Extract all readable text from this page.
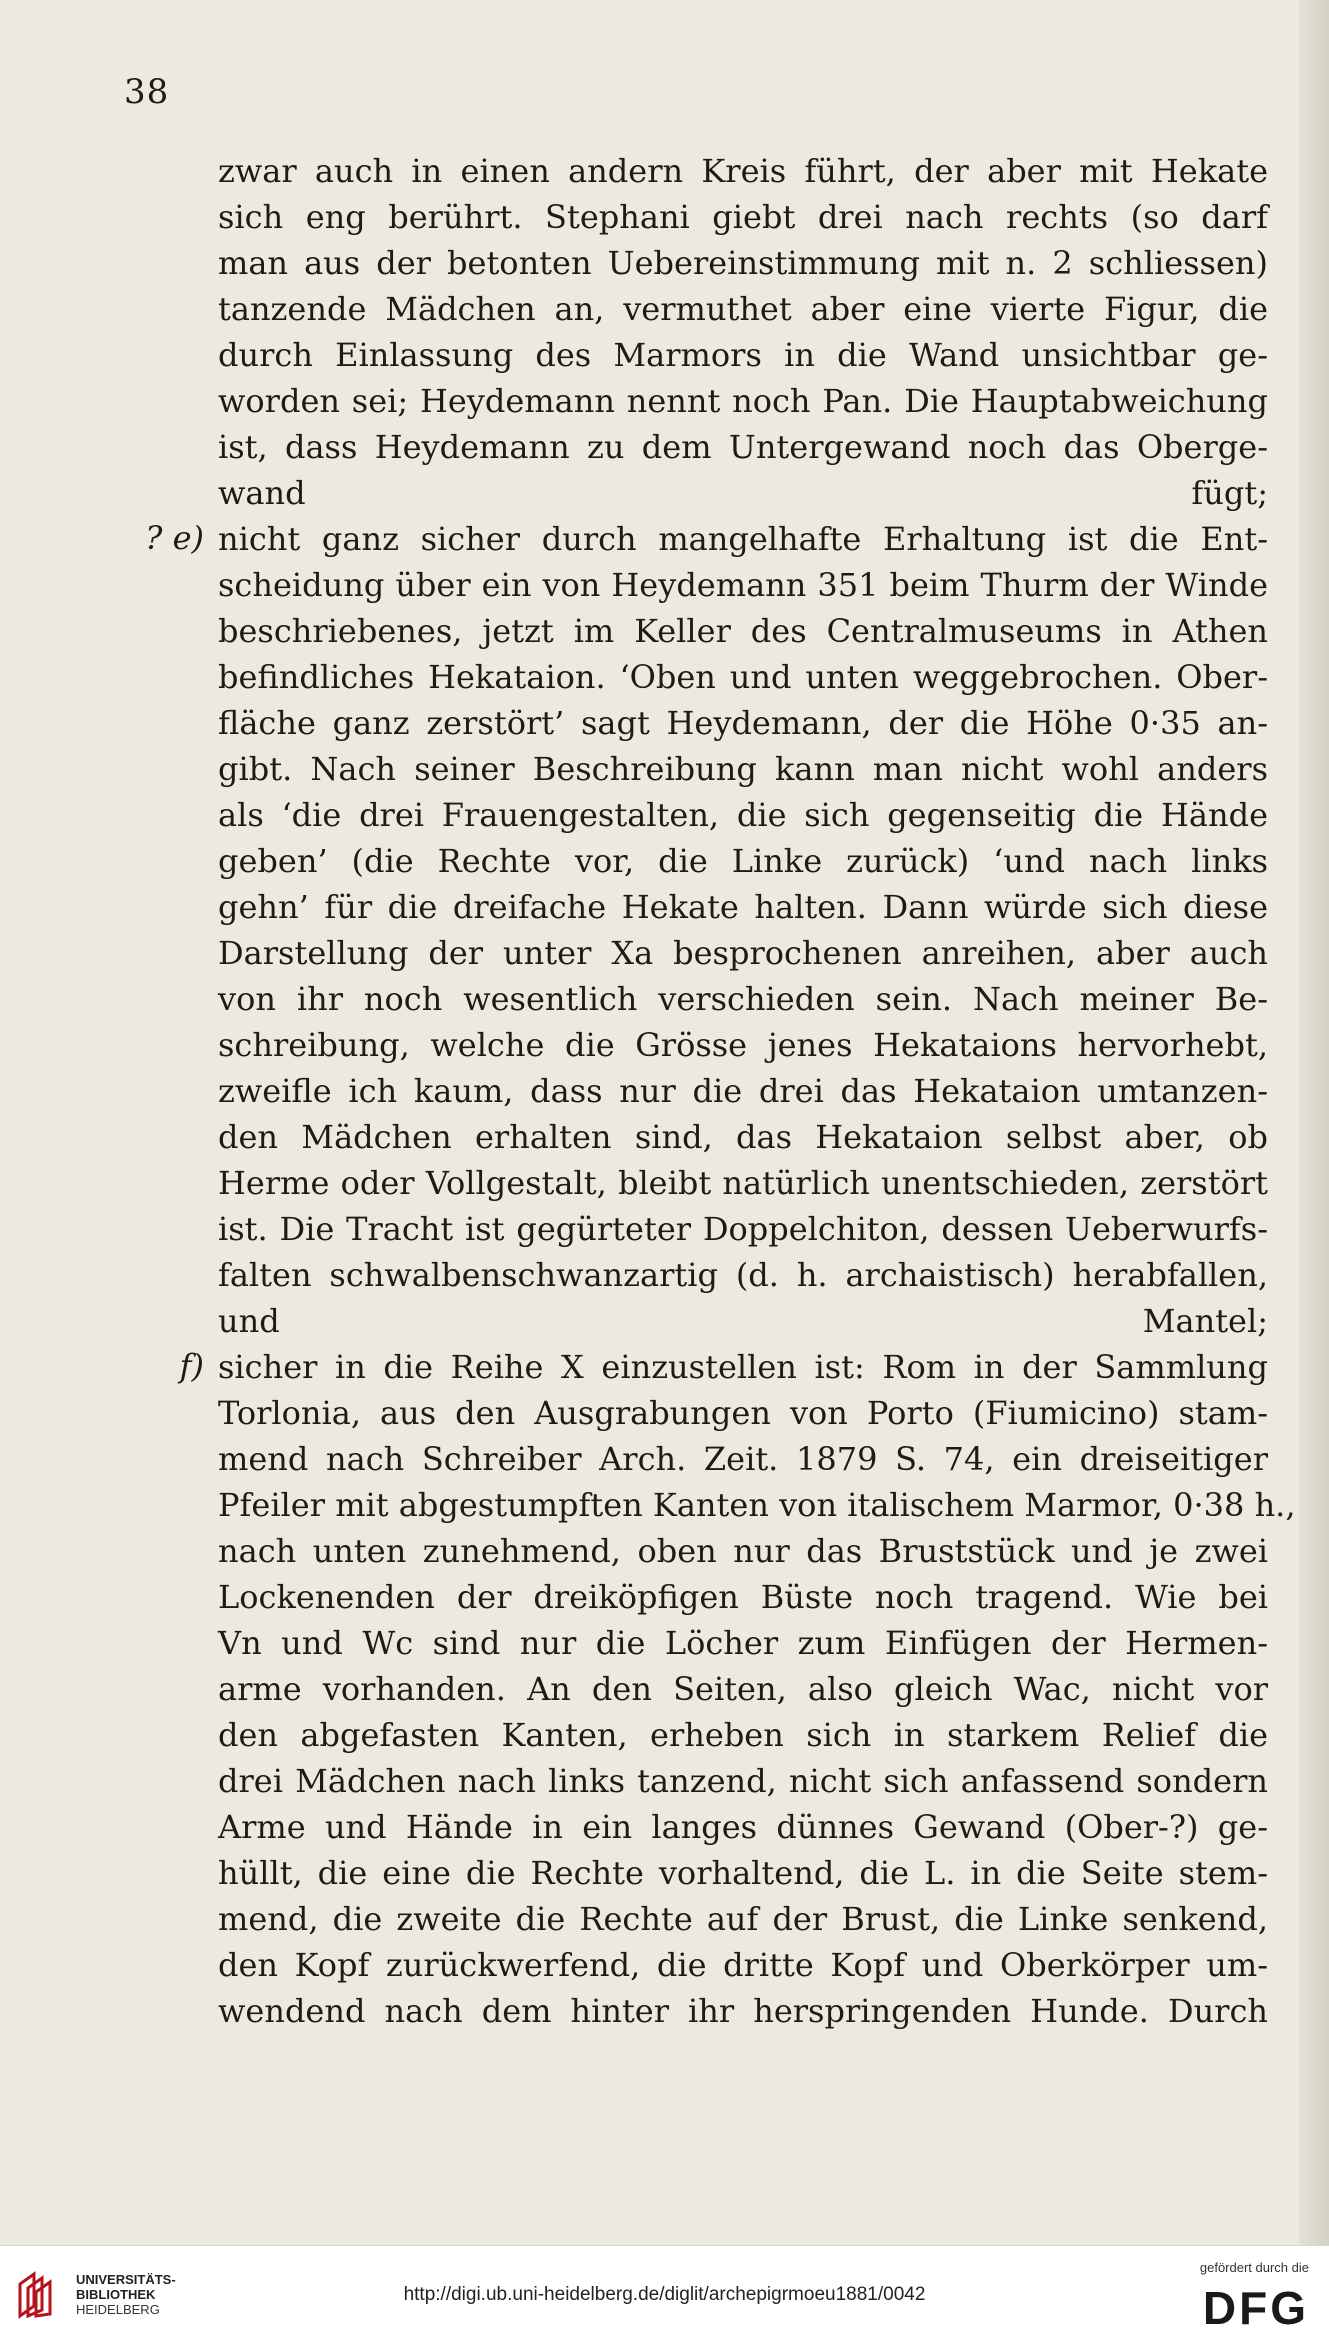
38
? e)
f)
zwar auch in einen andern Kreis führt, der aber mit Hekate
sich eng berührt. Stephani giebt drei nach rechts (so darf
man aus der betonten Uebereinstimmung mit n. 2 schliessen)
tanzende Mädchen an, vermuthet aber eine vierte Figur, die
durch Einlassung des Marmors in die Wand unsichtbar ge-
worden sei; Heydemann nennt noch Pan. Die Hauptabweichung
ist, dass Heydemann zu dem Untergewand noch das Oberge-
wand fügt;
nicht ganz sicher durch mangelhafte Erhaltung ist die Ent-
scheidung über ein von Heydemann 351 beim Thurm der Winde
beschriebenes, jetzt im Keller des Centralmuseums in Athen
befindliches Hekataion. ‘Oben und unten weggebrochen. Ober-
fläche ganz zerstört’ sagt Heydemann, der die Höhe 0·35 an-
gibt. Nach seiner Beschreibung kann man nicht wohl anders
als ‘die drei Frauengestalten, die sich gegenseitig die Hände
geben’ (die Rechte vor, die Linke zurück) ‘und nach links
gehn’ für die dreifache Hekate halten. Dann würde sich diese
Darstellung der unter Xa besprochenen anreihen, aber auch
von ihr noch wesentlich verschieden sein. Nach meiner Be-
schreibung, welche die Grösse jenes Hekataions hervorhebt,
zweifle ich kaum, dass nur die drei das Hekataion umtanzen-
den Mädchen erhalten sind, das Hekataion selbst aber, ob
Herme oder Vollgestalt, bleibt natürlich unentschieden, zerstört
ist. Die Tracht ist gegürteter Doppelchiton, dessen Ueberwurfs-
falten schwalbenschwanzartig (d. h. archaistisch) herabfallen,
und Mantel;
sicher in die Reihe X einzustellen ist: Rom in der Sammlung
Torlonia, aus den Ausgrabungen von Porto (Fiumicino) stam-
mend nach Schreiber Arch. Zeit. 1879 S. 74, ein dreiseitiger
Pfeiler mit abgestumpften Kanten von italischem Marmor, 0·38 h.,
nach unten zunehmend, oben nur das Bruststück und je zwei
Lockenenden der dreiköpfigen Büste noch tragend. Wie bei
Vn und Wc sind nur die Löcher zum Einfügen der Hermen-
arme vorhanden. An den Seiten, also gleich Wac, nicht vor
den abgefasten Kanten, erheben sich in starkem Relief die
drei Mädchen nach links tanzend, nicht sich anfassend sondern
Arme und Hände in ein langes dünnes Gewand (Ober-?) ge-
hüllt, die eine die Rechte vorhaltend, die L. in die Seite stem-
mend, die zweite die Rechte auf der Brust, die Linke senkend,
den Kopf zurückwerfend, die dritte Kopf und Oberkörper um-
wendend nach dem hinter ihr herspringenden Hunde. Durch
UNIVERSITÄTS-
BIBLIOTHEK
HEIDELBERG
http://digi.ub.uni-heidelberg.de/diglit/archepigrmoeu1881/0042
gefördert durch die
DFG
